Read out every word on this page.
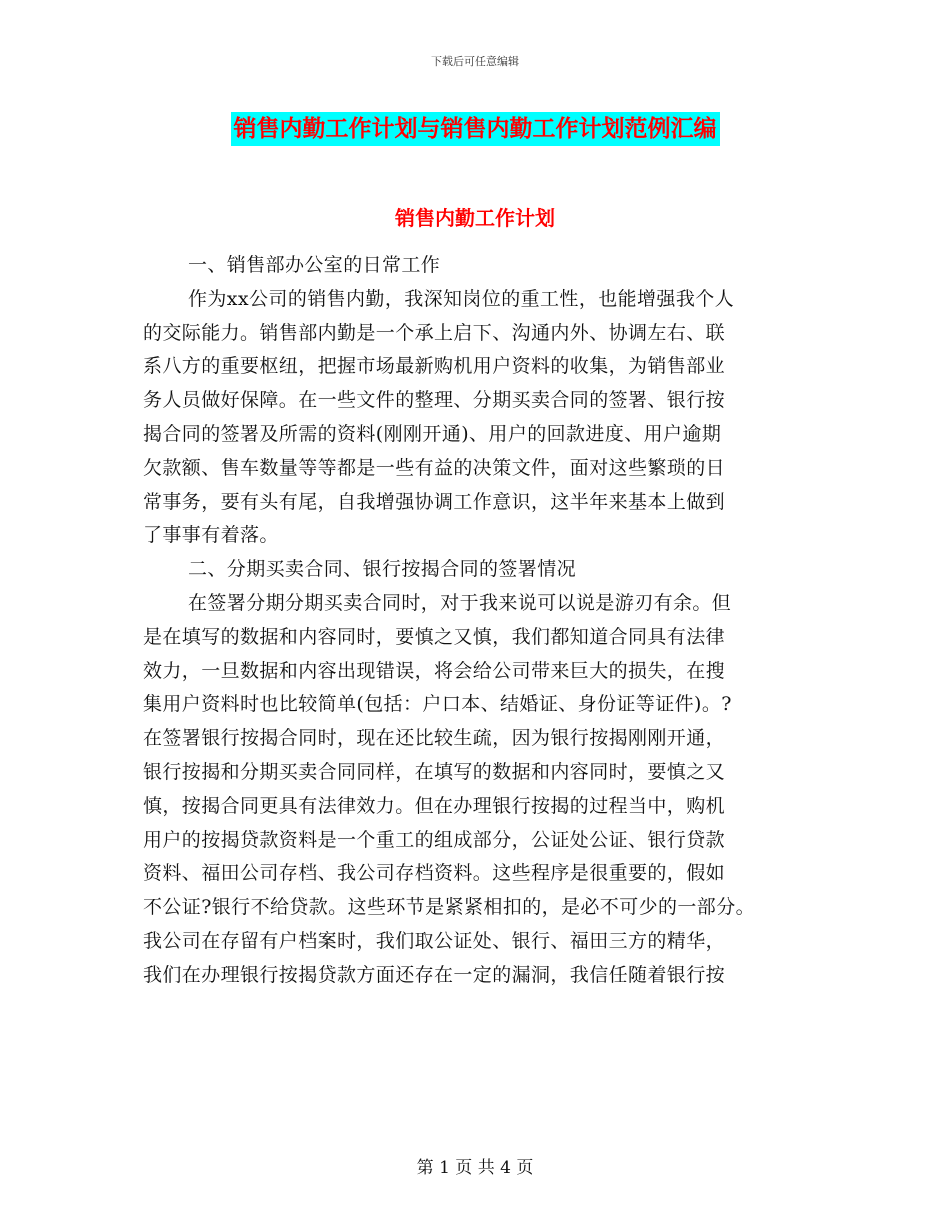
下载后可任意编辑
销售内勤工作计划与销售内勤工作计划范例汇编
销售内勤工作计划
一、销售部办公室的日常工作
作为xx公司的销售内勤，我深知岗位的重工性，也能增强我个人
的交际能力。销售部内勤是一个承上启下、沟通内外、协调左右、联
系八方的重要枢纽，把握市场最新购机用户资料的收集，为销售部业
务人员做好保障。在一些文件的整理、分期买卖合同的签署、银行按
揭合同的签署及所需的资料(刚刚开通)、用户的回款进度、用户逾期
欠款额、售车数量等等都是一些有益的决策文件，面对这些繁琐的日
常事务，要有头有尾，自我增强协调工作意识，这半年来基本上做到
了事事有着落。
二、分期买卖合同、银行按揭合同的签署情况
在签署分期分期买卖合同时，对于我来说可以说是游刃有余。但
是在填写的数据和内容同时，要慎之又慎，我们都知道合同具有法律
效力，一旦数据和内容出现错误，将会给公司带来巨大的损失，在搜
集用户资料时也比较简单(包括：户口本、结婚证、身份证等证件)。?
在签署银行按揭合同时，现在还比较生疏，因为银行按揭刚刚开通，
银行按揭和分期买卖合同同样，在填写的数据和内容同时，要慎之又
慎，按揭合同更具有法律效力。但在办理银行按揭的过程当中，购机
用户的按揭贷款资料是一个重工的组成部分，公证处公证、银行贷款
资料、福田公司存档、我公司存档资料。这些程序是很重要的，假如
不公证?银行不给贷款。这些环节是紧紧相扣的，是必不可少的一部分。
我公司在存留有户档案时，我们取公证处、银行、福田三方的精华，
我们在办理银行按揭贷款方面还存在一定的漏洞，我信任随着银行按
第 1 页 共 4 页
